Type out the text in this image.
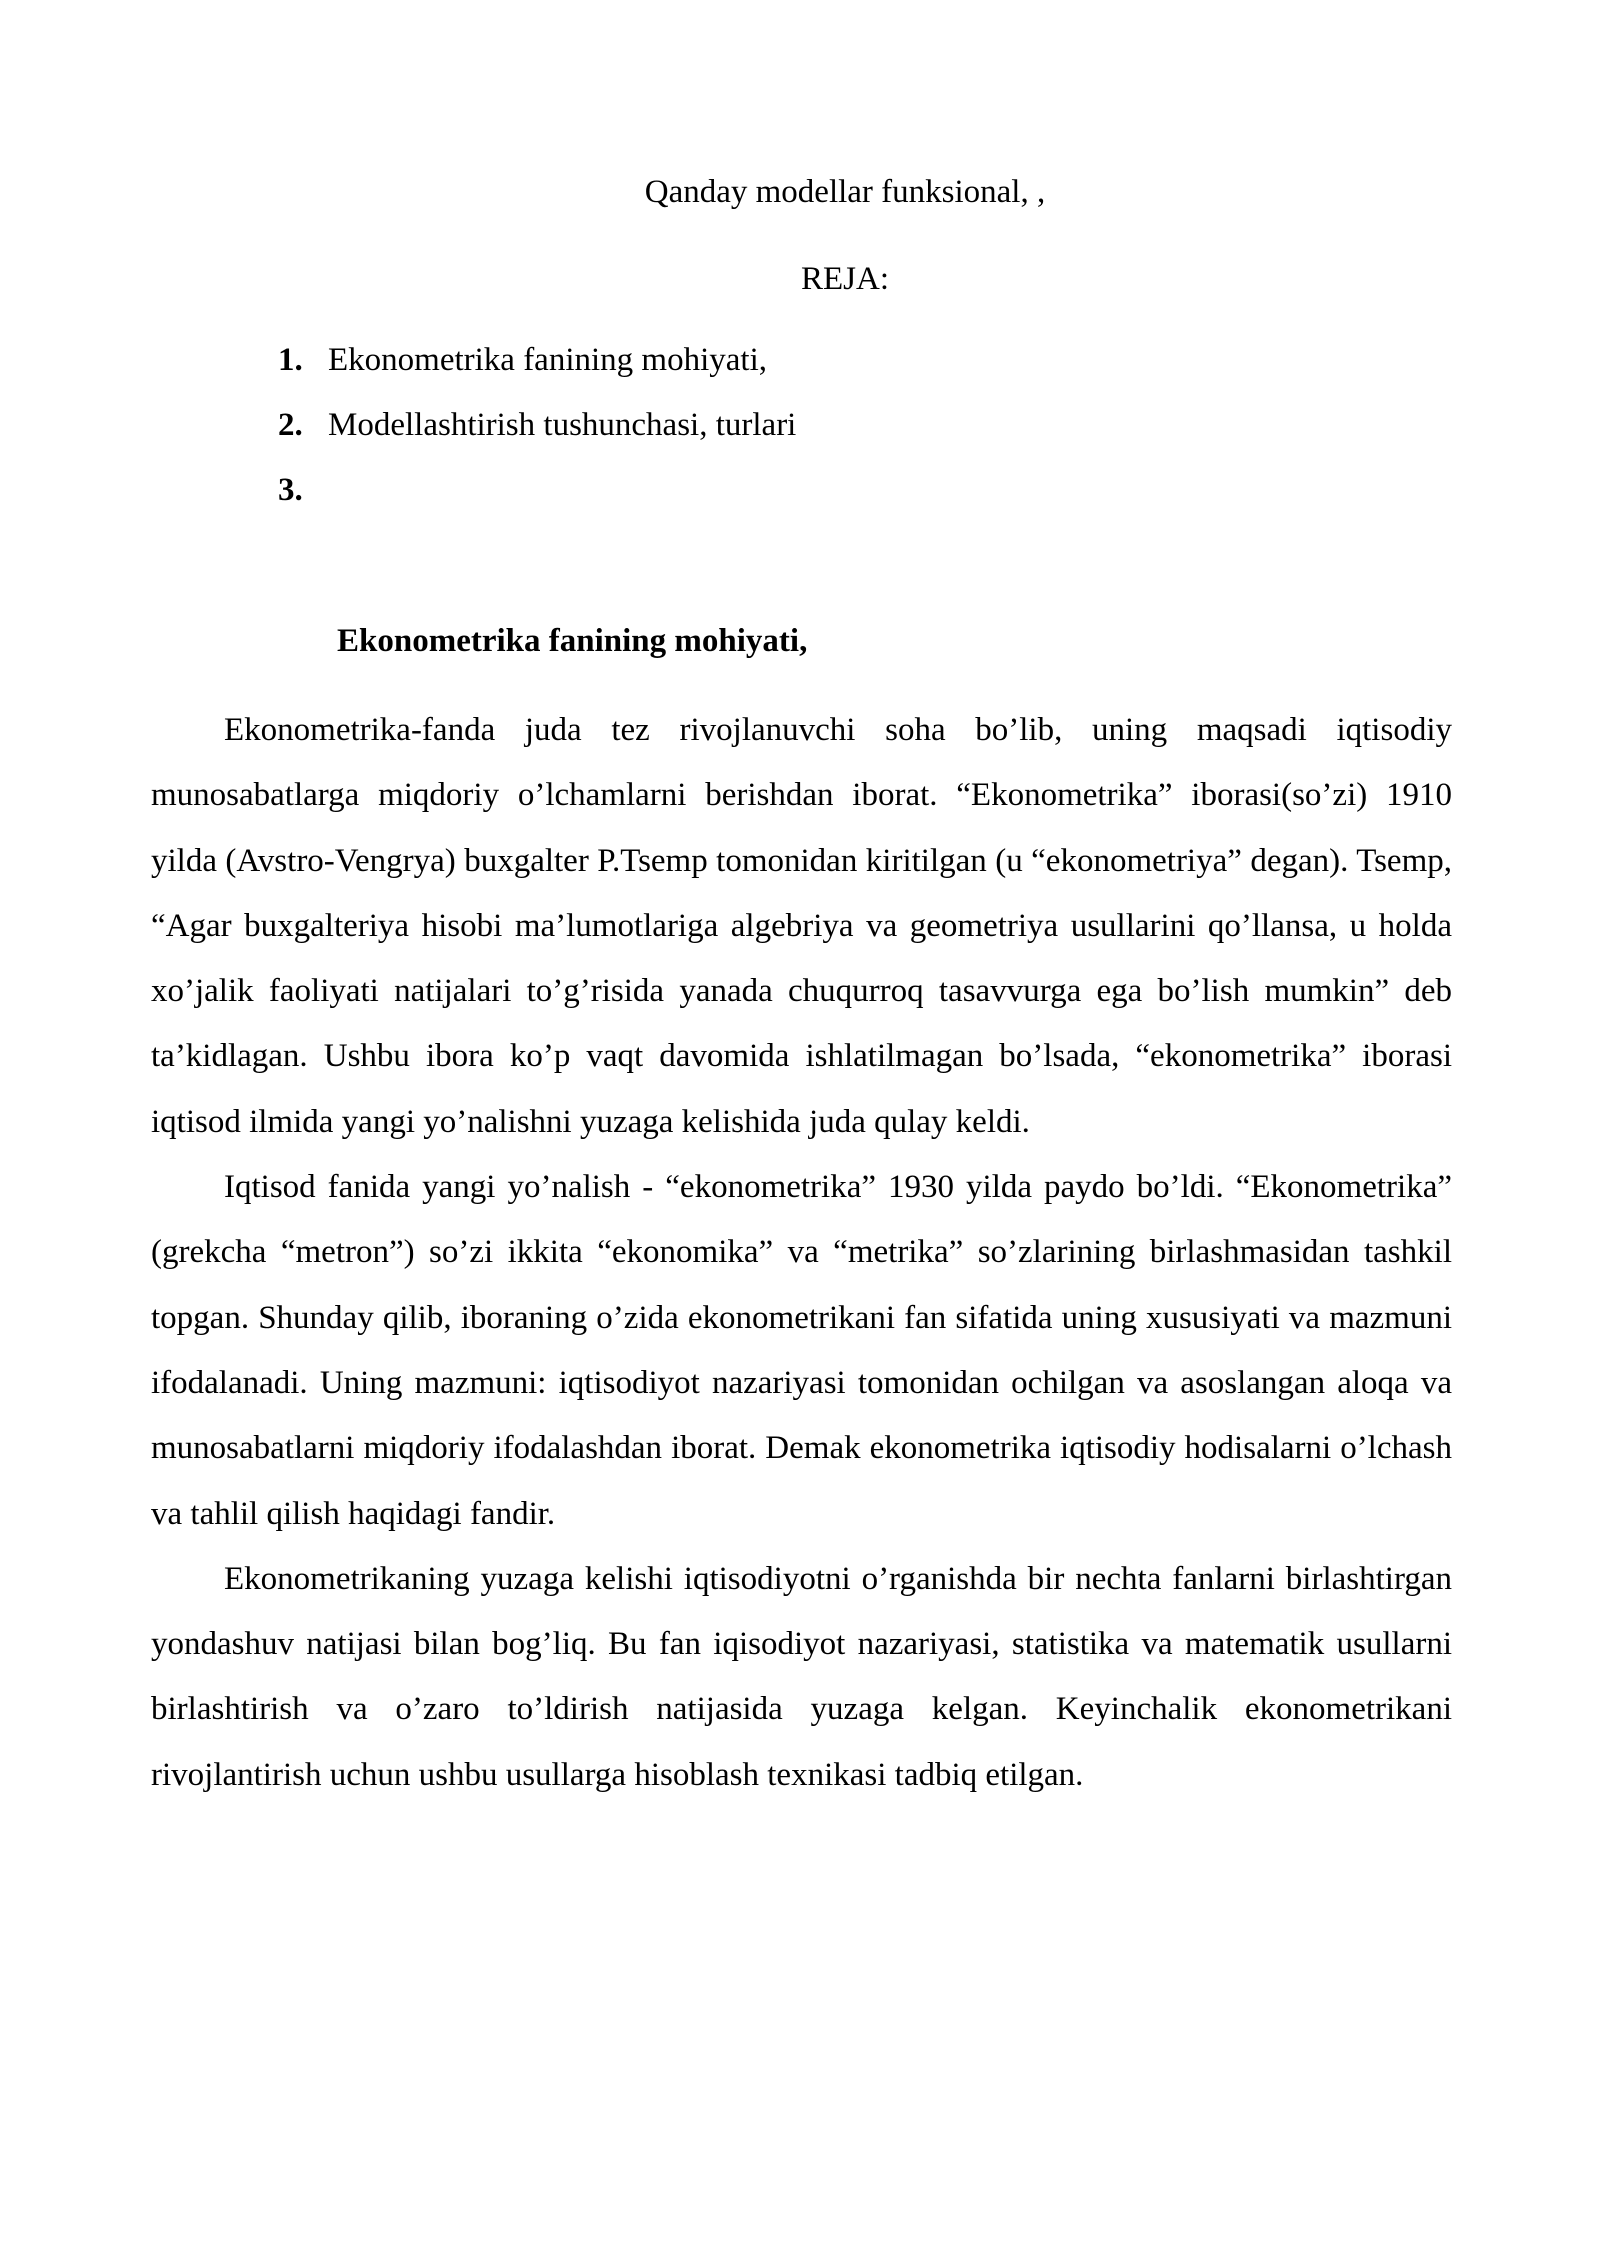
Qanday modellar funksional, ,
REJA:
1. Ekonometrika fanining mohiyati,
2. Modellashtirish tushunchasi, turlari
3.
Ekonometrika fanining mohiyati,

Ekonometrika-fanda juda tez rivojlanuvchi soha bo’lib, uning maqsadi iqtisodiy munosabatlarga miqdoriy o’lchamlarni berishdan iborat. “Ekonometrika” iborasi(so’zi) 1910 yilda (Avstro-Vengrya) buxgalter P.Tsemp tomonidan kiritilgan (u “ekonometriya” degan). Tsemp, “Agar buxgalteriya hisobi ma’lumotlariga algebriya va geometriya usullarini qo’llansa, u holda xo’jalik faoliyati natijalari to’g’risida yanada chuqurroq tasavvurga ega bo’lish mumkin” deb ta’kidlagan. Ushbu ibora ko’p vaqt davomida ishlatilmagan bo’lsada, “ekonometrika” iborasi iqtisod ilmida yangi yo’nalishni yuzaga kelishida juda qulay keldi.

Iqtisod fanida yangi yo’nalish - “ekonometrika” 1930 yilda paydo bo’ldi. “Ekonometrika” (grekcha “metron”) so’zi ikkita “ekonomika” va “metrika” so’zlarining birlashmasidan tashkil topgan. Shunday qilib, iboraning o’zida ekonometrikani fan sifatida uning xususiyati va mazmuni ifodalanadi. Uning mazmuni: iqtisodiyot nazariyasi tomonidan ochilgan va asoslangan aloqa va munosabatlarni miqdoriy ifodalashdan iborat. Demak ekonometrika iqtisodiy hodisalarni o’lchash va tahlil qilish haqidagi fandir.

Ekonometrikaning yuzaga kelishi iqtisodiyotni o’rganishda bir nechta fanlarni birlashtirgan yondashuv natijasi bilan bog’liq. Bu fan iqisodiyot nazariyasi, statistika va matematik usullarni birlashtirish va o’zaro to’ldirish natijasida yuzaga kelgan. Keyinchalik ekonometrikani rivojlantirish uchun ushbu usullarga hisoblash texnikasi tadbiq etilgan.
